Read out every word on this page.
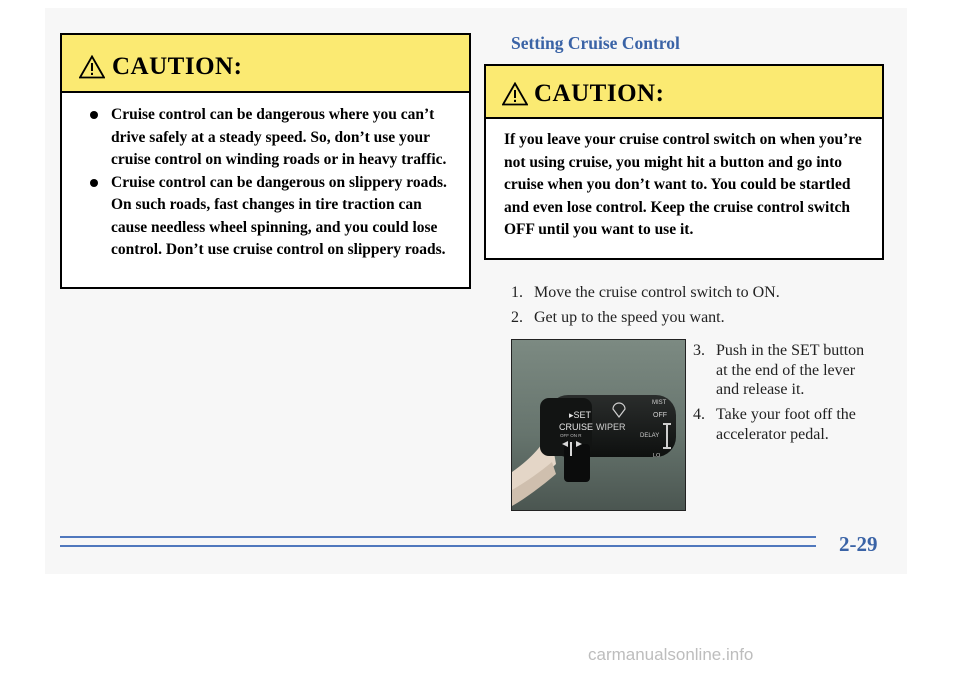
CAUTION:
Cruise control can be dangerous where you can’t drive safely at a steady speed. So, don’t use your cruise control on winding roads or in heavy traffic.
Cruise control can be dangerous on slippery roads. On such roads, fast changes in tire traction can cause needless wheel spinning, and you could lose control. Don’t use cruise control on slippery roads.
Setting Cruise Control
CAUTION:
If you leave your cruise control switch on when you’re not using cruise, you might hit a button and go into cruise when you don’t want to. You could be startled and even lose control. Keep the cruise control switch OFF until you want to use it.
1. Move the cruise control switch to ON.
2. Get up to the speed you want.
3. Push in the SET button at the end of the lever and release it.
4. Take your foot off the accelerator pedal.
▸SET
CRUISE
OFF ON R
WIPER
MIST
OFF
DELAY
LO
2-29
carmanualsonline.info
